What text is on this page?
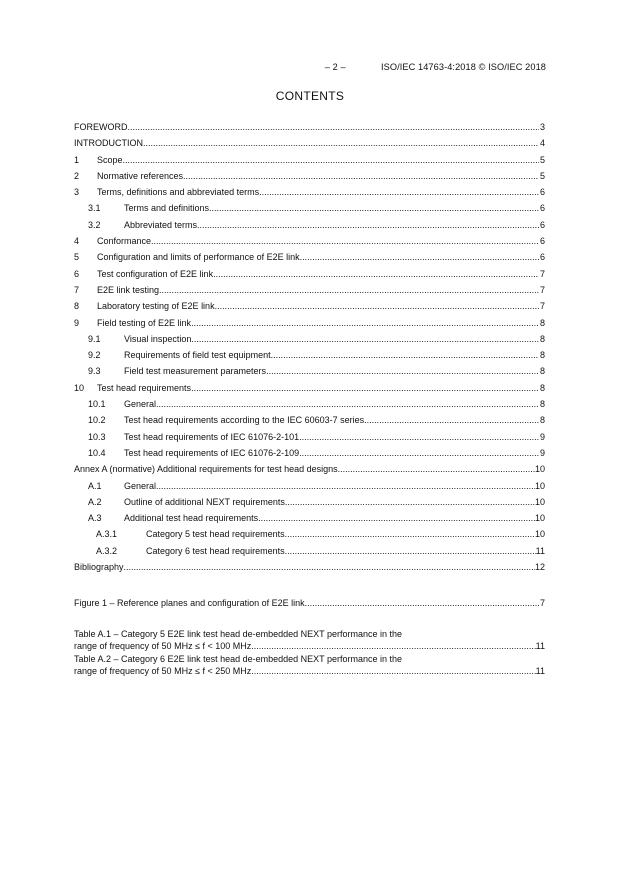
– 2 –	ISO/IEC 14763-4:2018 © ISO/IEC 2018
CONTENTS
FOREWORD .....	3
INTRODUCTION .....	4
1	Scope .....	5
2	Normative references .....	5
3	Terms, definitions and abbreviated terms .....	6
3.1	Terms and definitions .....	6
3.2	Abbreviated terms .....	6
4	Conformance .....	6
5	Configuration and limits of performance of E2E link .....	6
6	Test configuration of E2E link .....	7
7	E2E link testing .....	7
8	Laboratory testing of E2E link .....	7
9	Field testing of E2E link .....	8
9.1	Visual inspection .....	8
9.2	Requirements of field test equipment .....	8
9.3	Field test measurement parameters .....	8
10	Test head requirements .....	8
10.1	General .....	8
10.2	Test head requirements according to the IEC 60603-7 series .....	8
10.3	Test head requirements of IEC 61076-2-101 .....	9
10.4	Test head requirements of IEC 61076-2-109 .....	9
Annex A (normative) Additional requirements for test head designs .....	10
A.1	General .....	10
A.2	Outline of additional NEXT requirements .....	10
A.3	Additional test head requirements .....	10
A.3.1	Category 5 test head requirements .....	10
A.3.2	Category 6 test head requirements .....	11
Bibliography .....	12
Figure 1 – Reference planes and configuration of E2E link .....	7
Table A.1 – Category 5 E2E link test head de-embedded NEXT performance in the
range of frequency of 50 MHz ≤ f < 100 MHz .....	11
Table A.2 – Category 6 E2E link test head de-embedded NEXT performance in the
range of frequency of 50 MHz ≤ f < 250 MHz .....	11
